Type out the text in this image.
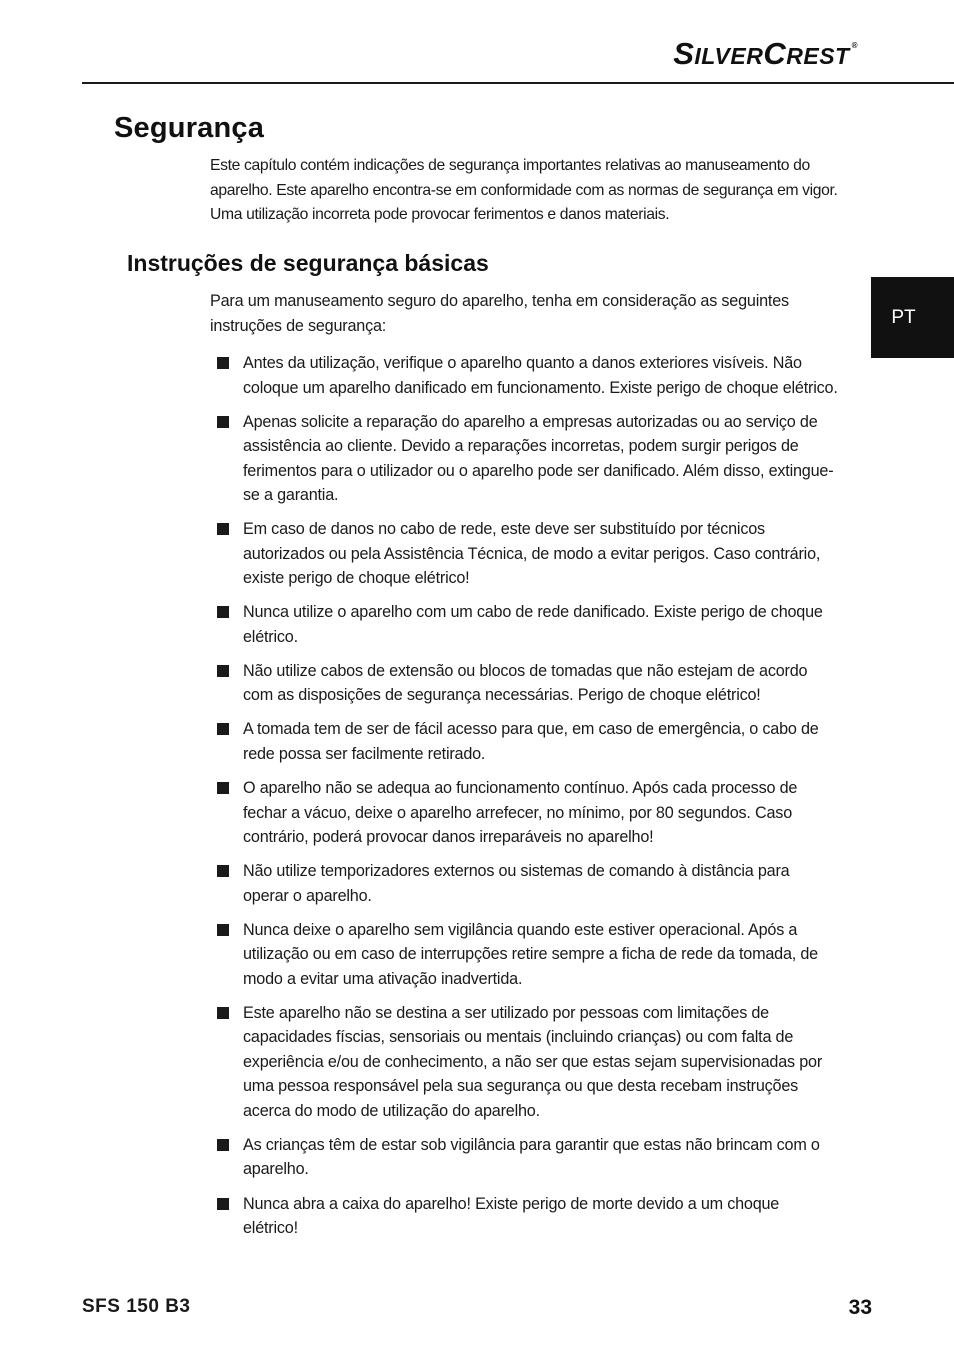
SILVERCREST ®
PT
Segurança

Este capítulo contém indicações de segurança importantes relativas ao manuseamento do aparelho. Este aparelho encontra-se em conformidade com as normas de segurança em vigor. Uma utilização incorreta pode provocar ferimentos e danos materiais.

Instruções de segurança básicas

Para um manuseamento seguro do aparelho, tenha em consideração as seguintes instruções de segurança:

Antes da utilização, verifique o aparelho quanto a danos exteriores visíveis. Não coloque um aparelho danificado em funcionamento. Existe perigo de choque elétrico.
Apenas solicite a reparação do aparelho a empresas autorizadas ou ao serviço de assistência ao cliente. Devido a reparações incorretas, podem surgir perigos de ferimentos para o utilizador ou o aparelho pode ser danificado. Além disso, extingue-se a garantia.
Em caso de danos no cabo de rede, este deve ser substituído por técnicos autorizados ou pela Assistência Técnica, de modo a evitar perigos. Caso contrário, existe perigo de choque elétrico!
Nunca utilize o aparelho com um cabo de rede danificado. Existe perigo de choque elétrico.
Não utilize cabos de extensão ou blocos de tomadas que não estejam de acordo com as disposições de segurança necessárias. Perigo de choque elétrico!
A tomada tem de ser de fácil acesso para que, em caso de emergência, o cabo de rede possa ser facilmente retirado.
O aparelho não se adequa ao funcionamento contínuo. Após cada processo de fechar a vácuo, deixe o aparelho arrefecer, no mínimo, por 80 segundos. Caso contrário, poderá provocar danos irreparáveis no aparelho!
Não utilize temporizadores externos ou sistemas de comando à distância para operar o aparelho.
Nunca deixe o aparelho sem vigilância quando este estiver operacional. Após a utilização ou em caso de interrupções retire sempre a ficha de rede da tomada, de modo a evitar uma ativação inadvertida.
Este aparelho não se destina a ser utilizado por pessoas com limitações de capacidades físcias, sensoriais ou mentais (incluindo crianças) ou com falta de experiência e/ou de conhecimento, a não ser que estas sejam supervisionadas por uma pessoa responsável pela sua segurança ou que desta recebam instruções acerca do modo de utilização do aparelho.
As crianças têm de estar sob vigilância para garantir que estas não brincam com o aparelho.
Nunca abra a caixa do aparelho! Existe perigo de morte devido a um choque elétrico!
SFS 150 B3	33
